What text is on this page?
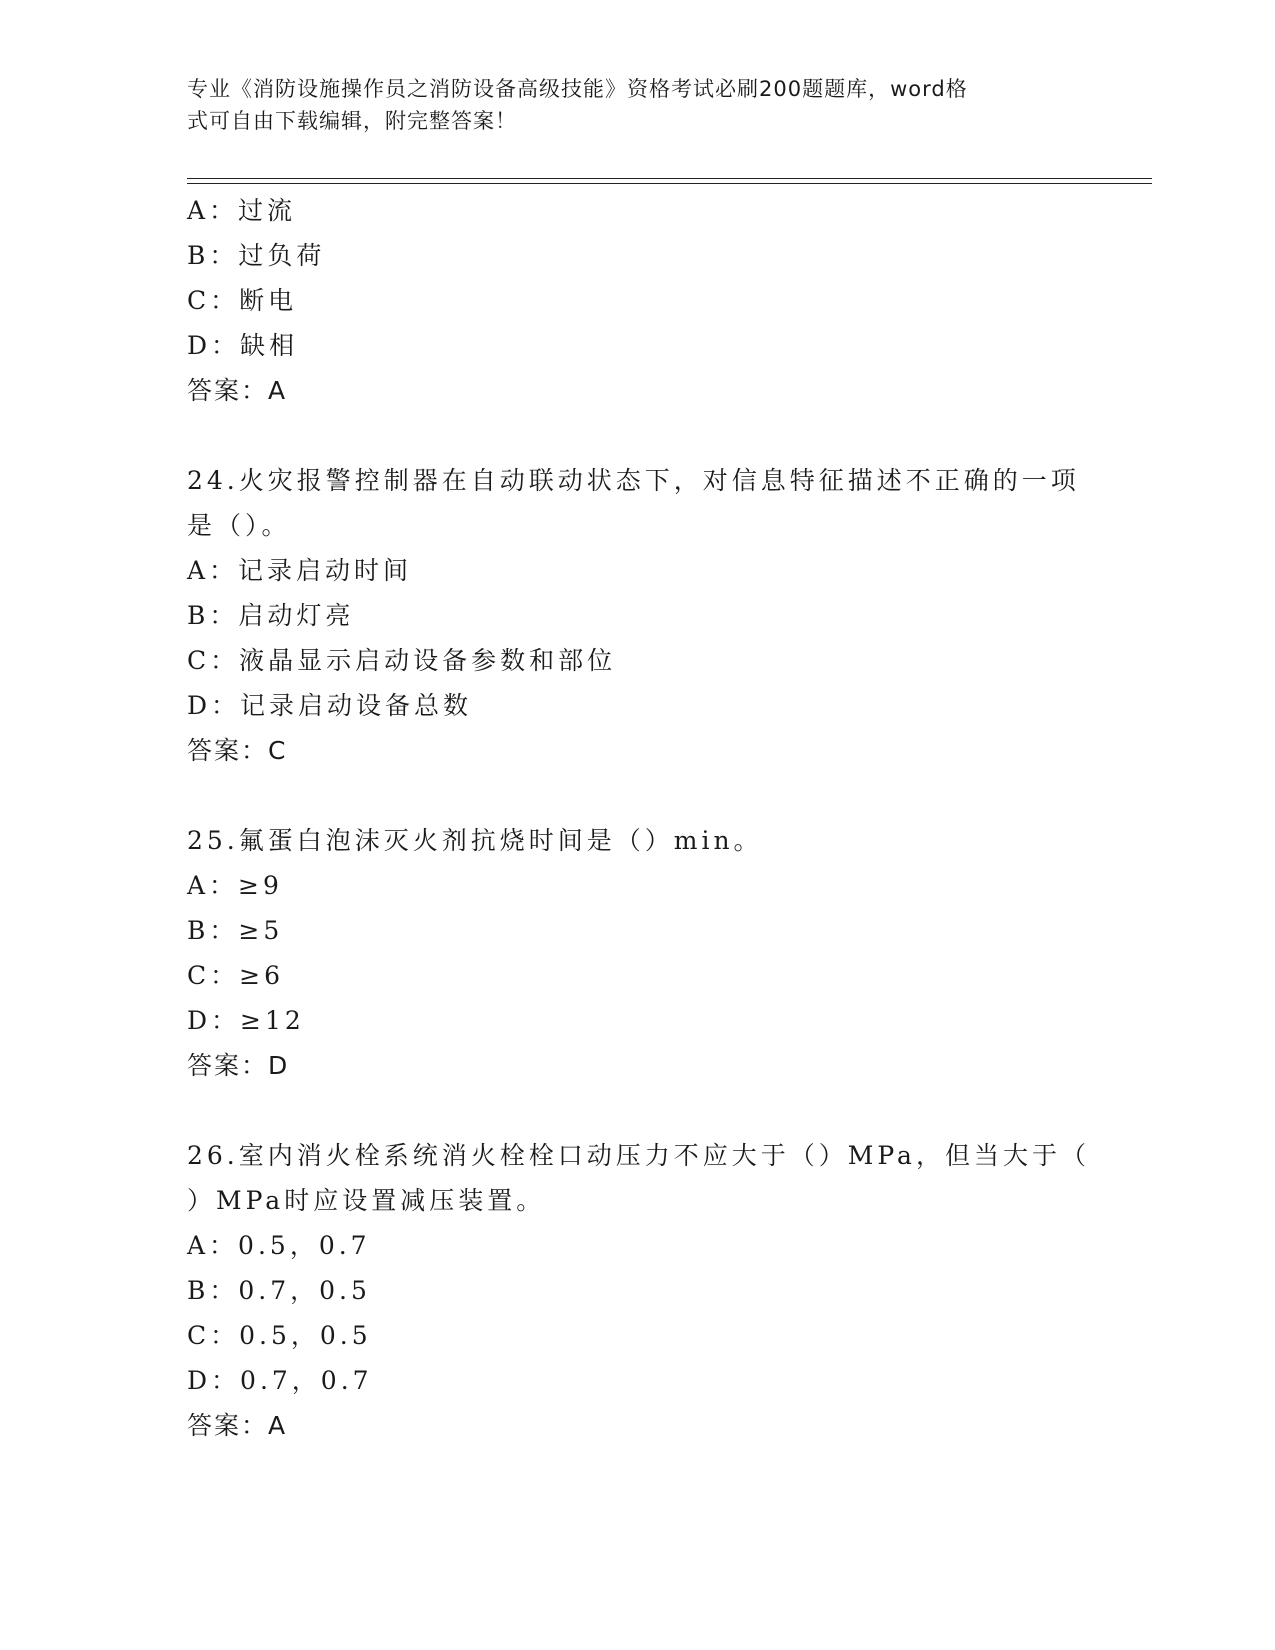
专业《消防设施操作员之消防设备高级技能》资格考试必刷200题题库，word格
式可自由下载编辑，附完整答案！
A：过流
B：过负荷
C：断电
D：缺相
答案：A
24.火灾报警控制器在自动联动状态下，对信息特征描述不正确的一项
是（）。
A：记录启动时间
B：启动灯亮
C：液晶显示启动设备参数和部位
D：记录启动设备总数
答案：C
25.氟蛋白泡沫灭火剂抗烧时间是（）min。
A：≥9
B：≥5
C：≥6
D：≥12
答案：D
26.室内消火栓系统消火栓栓口动压力不应大于（）MPa，但当大于（
）MPa时应设置减压装置。
A：0.5，0.7
B：0.7，0.5
C：0.5，0.5
D：0.7，0.7
答案：A
